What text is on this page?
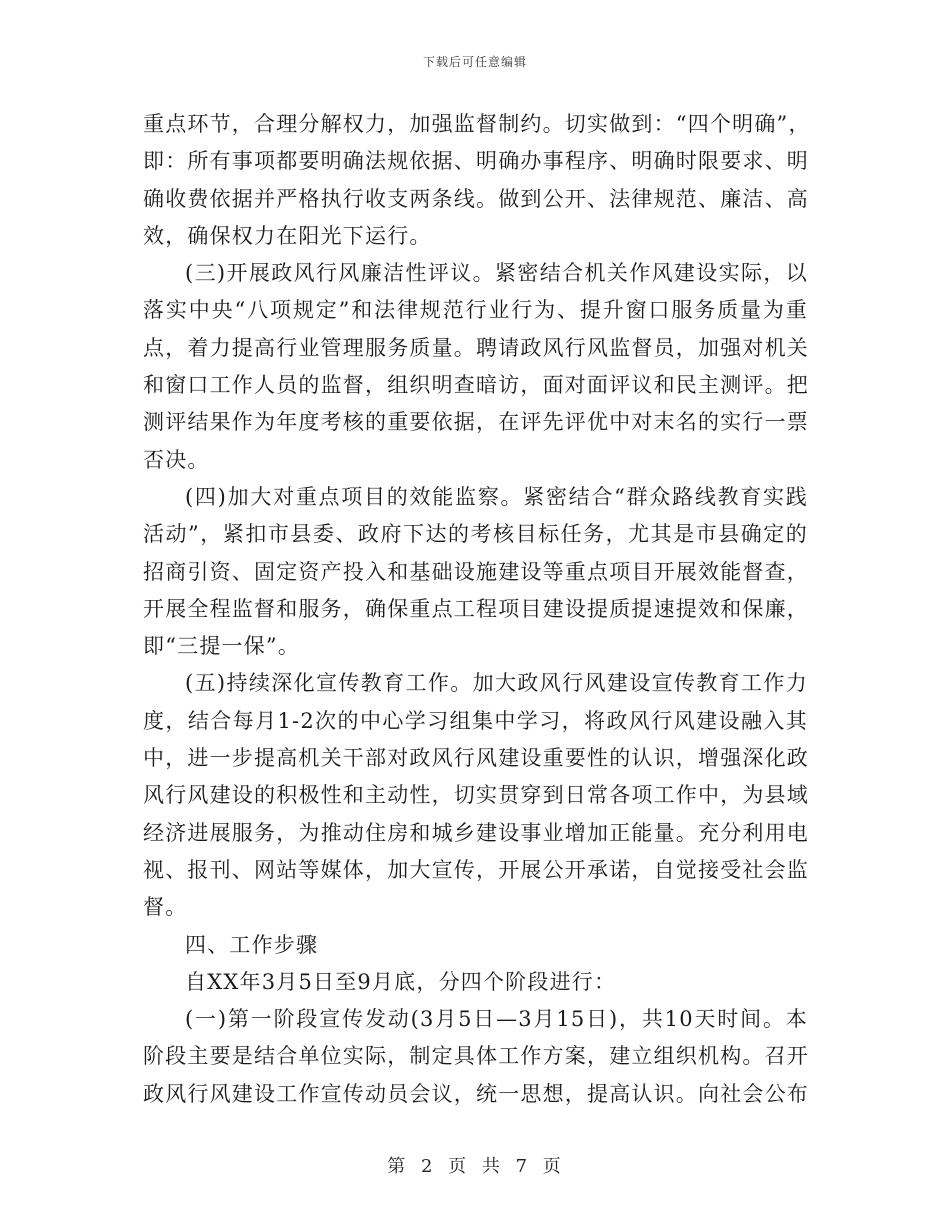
下载后可任意编辑
重点环节，合理分解权力，加强监督制约。切实做到：“四个明确”，
即：所有事项都要明确法规依据、明确办事程序、明确时限要求、明
确收费依据并严格执行收支两条线。做到公开、法律规范、廉洁、高
效，确保权力在阳光下运行。
(三)开展政风行风廉洁性评议。紧密结合机关作风建设实际，以
落实中央“八项规定”和法律规范行业行为、提升窗口服务质量为重
点，着力提高行业管理服务质量。聘请政风行风监督员，加强对机关
和窗口工作人员的监督，组织明查暗访，面对面评议和民主测评。把
测评结果作为年度考核的重要依据，在评先评优中对末名的实行一票
否决。
(四)加大对重点项目的效能监察。紧密结合“群众路线教育实践
活动”，紧扣市县委、政府下达的考核目标任务，尤其是市县确定的
招商引资、固定资产投入和基础设施建设等重点项目开展效能督查，
开展全程监督和服务，确保重点工程项目建设提质提速提效和保廉，
即“三提一保”。
(五)持续深化宣传教育工作。加大政风行风建设宣传教育工作力
度，结合每月1-2次的中心学习组集中学习，将政风行风建设融入其
中，进一步提高机关干部对政风行风建设重要性的认识，增强深化政
风行风建设的积极性和主动性，切实贯穿到日常各项工作中，为县域
经济进展服务，为推动住房和城乡建设事业增加正能量。充分利用电
视、报刊、网站等媒体，加大宣传，开展公开承诺，自觉接受社会监
督。
四、工作步骤
自XX年3月5日至9月底，分四个阶段进行：
(一)第一阶段宣传发动(3月5日—3月15日)，共10天时间。本
阶段主要是结合单位实际，制定具体工作方案，建立组织机构。召开
政风行风建设工作宣传动员会议，统一思想，提高认识。向社会公布
第 2 页 共 7 页
